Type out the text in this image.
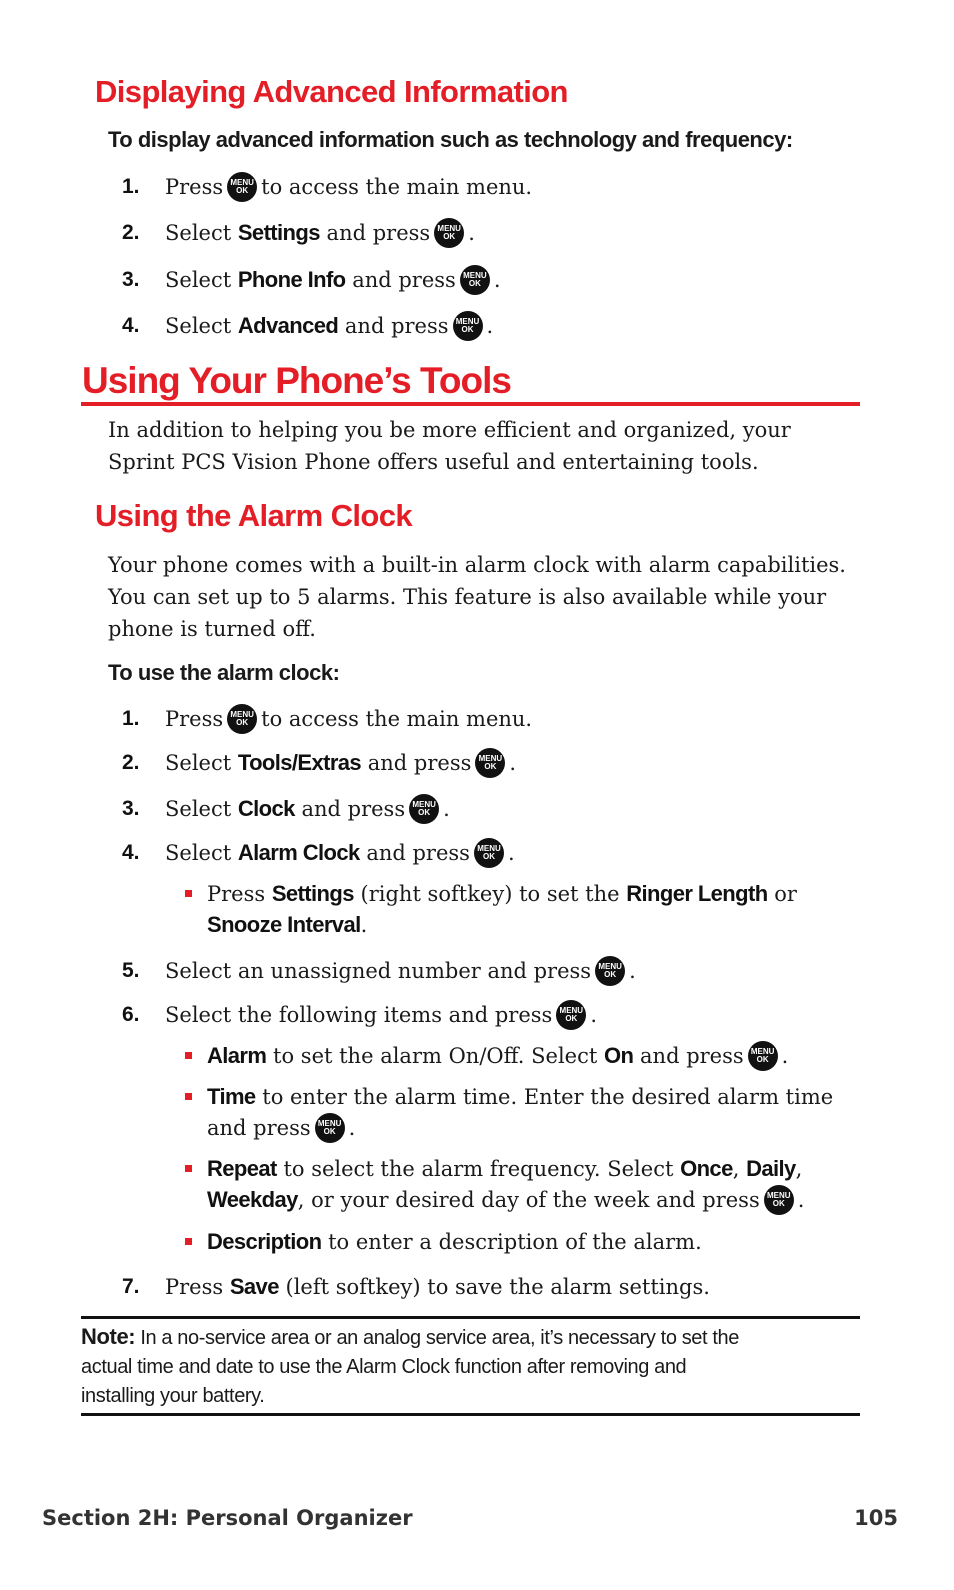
Displaying Advanced Information
To display advanced information such as technology and frequency:
1.	Press MENU
OK to access the main menu.
2.	Select
Settings
and press MENU
OK .
3.	Select
Phone Info
and press MENU
OK .
4.	Select
Advanced
and press MENU
OK .
Using Your Phone’s Tools
In addition to helping you be more efficient and organized, your
Sprint PCS Vision Phone offers useful and entertaining tools.
Using the Alarm Clock
Your phone comes with a built-in alarm clock with alarm capabilities.
You can set up to 5 alarms. This feature is also available while your
phone is turned off.
To use the alarm clock:
1.	Press MENU
OK to access the main menu.
2.	Select
Tools/Extras
and press MENU
OK .
3.	Select
Clock
and press MENU
OK .
4.	Select
Alarm Clock
and press MENU
OK .
Press Settings (right softkey) to set the Ringer Length or
Snooze Interval.
5.	Select an unassigned number and press MENU
OK .
6.	Select the following items and press MENU
OK .
Alarm
to set the alarm On/Off. Select
On
and press MENU
OK .
Time to enter the alarm time. Enter the desired alarm time
and press MENU
OK .
Repeat to select the alarm frequency. Select Once, Daily,
Weekday , or your desired day of the week and press MENU
OK .
Description to enter a description of the alarm.
7.	Press
Save
(left softkey) to save the alarm settings.
Note: In a no-service area or an analog service area, it’s necessary to set the
actual time and date to use the Alarm Clock function after removing and
installing your battery.
Section 2H: Personal Organizer	105
